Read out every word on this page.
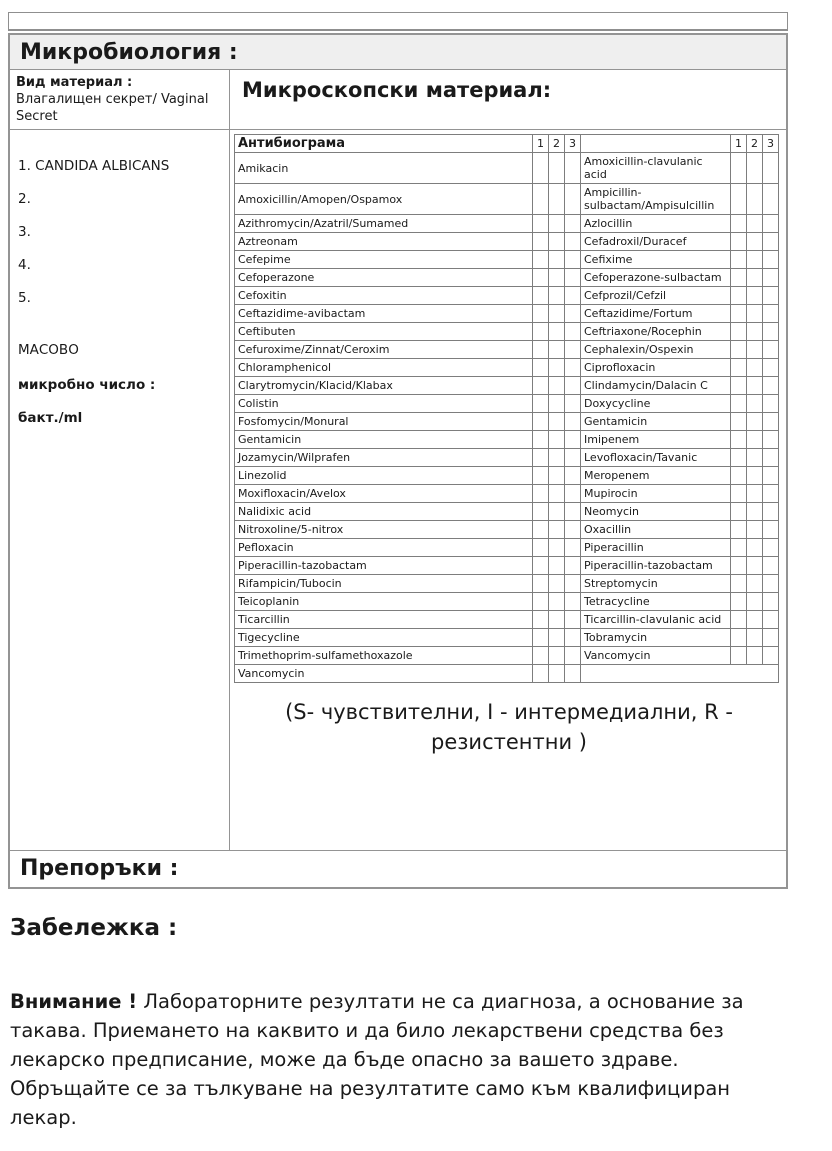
Микробиология :
Вид материал :
Влагалищен секрет/ Vaginal Secret
Микроскопски материал:
1. CANDIDA ALBICANS
2.
3.
4.
5.
МАСОВО
микробно число :
бакт./ml
Антибиограма	1	2	3		1	2	3
Amikacin				Amoxicillin-clavulanic acid			
Amoxicillin/Amopen/Ospamox				Ampicillin-sulbactam/Ampisulcillin			
Azithromycin/Azatril/Sumamed				Azlocillin			
Aztreonam				Cefadroxil/Duracef			
Cefepime				Cefixime			
Cefoperazone				Cefoperazone-sulbactam			
Cefoxitin				Cefprozil/Cefzil			
Ceftazidime-avibactam				Ceftazidime/Fortum			
Ceftibuten				Ceftriaxone/Rocephin			
Cefuroxime/Zinnat/Ceroxim				Cephalexin/Ospexin			
Chloramphenicol				Ciprofloxacin			
Clarytromycin/Klacid/Klabax				Clindamycin/Dalacin C			
Colistin				Doxycycline			
Fosfomycin/Monural				Gentamicin			
Gentamicin				Imipenem			
Jozamycin/Wilprafen				Levofloxacin/Tavanic			
Linezolid				Meropenem			
Moxifloxacin/Avelox				Mupirocin			
Nalidixic acid				Neomycin			
Nitroxoline/5-nitrox				Oxacillin			
Pefloxacin				Piperacillin			
Piperacillin-tazobactam				Piperacillin-tazobactam			
Rifampicin/Tubocin				Streptomycin			
Teicoplanin				Tetracycline			
Ticarcillin				Ticarcillin-clavulanic acid			
Tigecycline				Tobramycin			
Trimethoprim-sulfamethoxazole				Vancomycin			
Vancomycin							
(S- чувствителни, I - интермедиални, R - резистентни )
Препоръки :
Забележка :

Внимание ! Лабораторните резултати не са диагноза, а основание за такава. Приемането на каквито и да било лекарствени средства без лекарско предписание, може да бъде опасно за вашето здраве. Обръщайте се за тълкуване на резултатите само към квалифициран лекар.
